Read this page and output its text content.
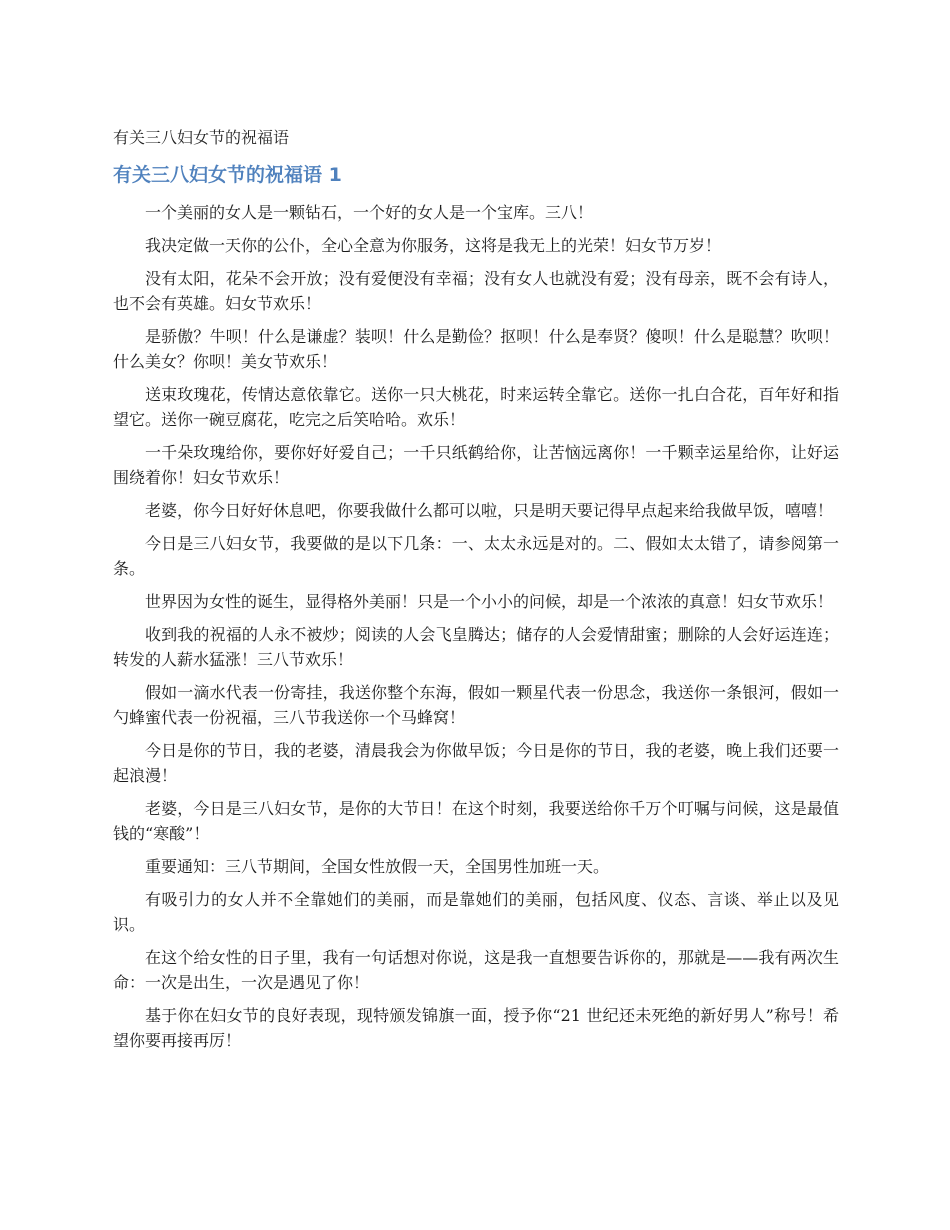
有关三八妇女节的祝福语
有关三八妇女节的祝福语 1

一个美丽的女人是一颗钻石，一个好的女人是一个宝库。三八！

我决定做一天你的公仆，全心全意为你服务，这将是我无上的光荣！妇女节万岁！

没有太阳，花朵不会开放；没有爱便没有幸福；没有女人也就没有爱；没有母亲，既不会有诗人，也不会有英雄。妇女节欢乐！

是骄傲？牛呗！什么是谦虚？装呗！什么是勤俭？抠呗！什么是奉贤？傻呗！什么是聪慧？吹呗！什么美女？你呗！美女节欢乐！

送束玫瑰花，传情达意依靠它。送你一只大桃花，时来运转全靠它。送你一扎白合花，百年好和指望它。送你一碗豆腐花，吃完之后笑哈哈。欢乐！

一千朵玫瑰给你，要你好好爱自己；一千只纸鹤给你，让苦恼远离你！一千颗幸运星给你，让好运围绕着你！妇女节欢乐！

老婆，你今日好好休息吧，你要我做什么都可以啦，只是明天要记得早点起来给我做早饭，嘻嘻！

今日是三八妇女节，我要做的是以下几条：一、太太永远是对的。二、假如太太错了，请参阅第一条。

世界因为女性的诞生，显得格外美丽！只是一个小小的问候，却是一个浓浓的真意！妇女节欢乐！

收到我的祝福的人永不被炒；阅读的人会飞皇腾达；储存的人会爱情甜蜜；删除的人会好运连连；转发的人薪水猛涨！三八节欢乐！

假如一滴水代表一份寄挂，我送你整个东海，假如一颗星代表一份思念，我送你一条银河，假如一勺蜂蜜代表一份祝福，三八节我送你一个马蜂窝！

今日是你的节日，我的老婆，清晨我会为你做早饭；今日是你的节日，我的老婆，晚上我们还要一起浪漫！

老婆，今日是三八妇女节，是你的大节日！在这个时刻，我要送给你千万个叮嘱与问候，这是最值钱的“寒酸”！

重要通知：三八节期间，全国女性放假一天，全国男性加班一天。

有吸引力的女人并不全靠她们的美丽，而是靠她们的美丽，包括风度、仪态、言谈、举止以及见识。

在这个给女性的日子里，我有一句话想对你说，这是我一直想要告诉你的，那就是——我有两次生命：一次是出生，一次是遇见了你！

基于你在妇女节的良好表现，现特颁发锦旗一面，授予你“21 世纪还未死绝的新好男人”称号！希望你要再接再厉！
